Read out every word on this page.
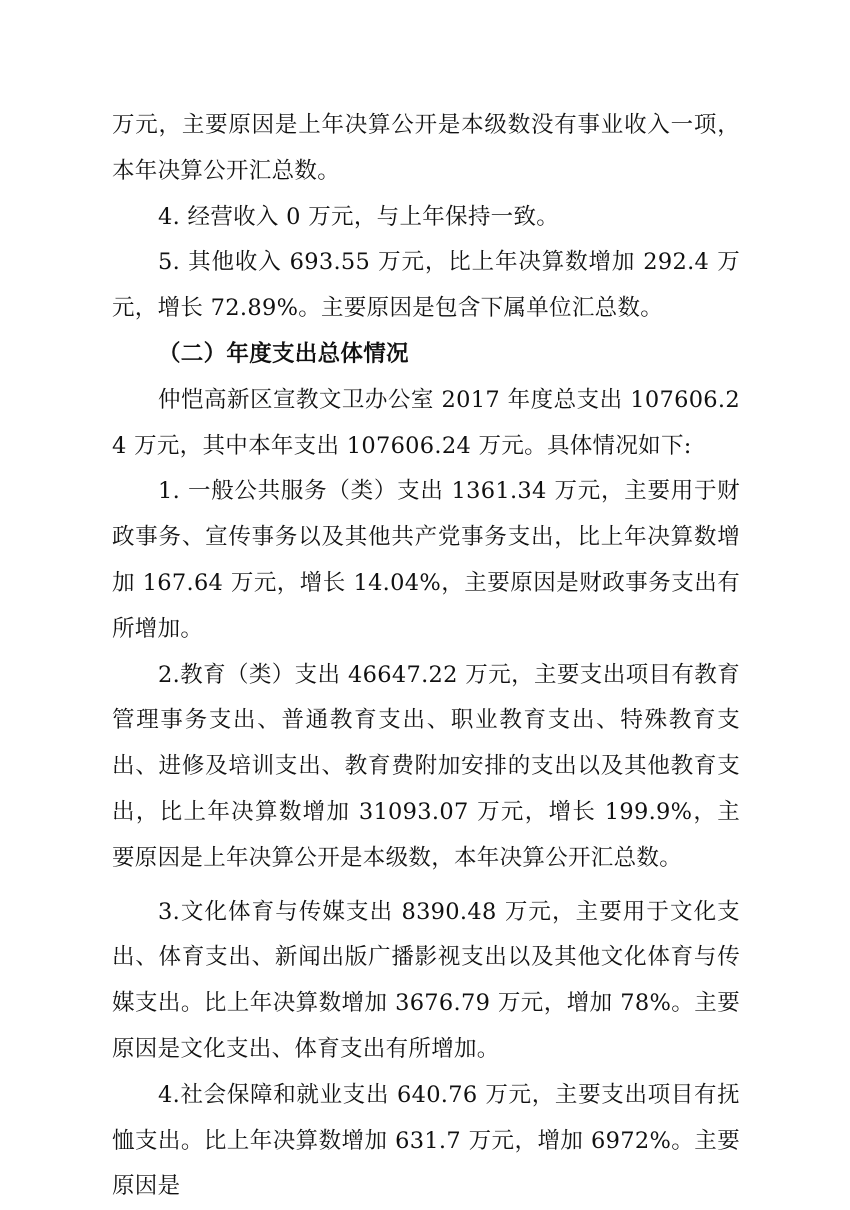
万元，主要原因是上年决算公开是本级数没有事业收入一项，本年决算公开汇总数。

4. 经营收入 0 万元，与上年保持一致。

5. 其他收入 693.55 万元，比上年决算数增加 292.4 万元，增长 72.89%。主要原因是包含下属单位汇总数。

（二）年度支出总体情况

仲恺高新区宣教文卫办公室 2017 年度总支出 107606.24 万元，其中本年支出 107606.24 万元。具体情况如下:

1. 一般公共服务（类）支出 1361.34 万元，主要用于财政事务、宣传事务以及其他共产党事务支出，比上年决算数增加 167.64 万元，增长 14.04%，主要原因是财政事务支出有所增加。

2.教育（类）支出 46647.22 万元，主要支出项目有教育管理事务支出、普通教育支出、职业教育支出、特殊教育支出、进修及培训支出、教育费附加安排的支出以及其他教育支出，比上年决算数增加 31093.07 万元，增长 199.9%，主要原因是上年决算公开是本级数，本年决算公开汇总数。

3.文化体育与传媒支出 8390.48 万元，主要用于文化支出、体育支出、新闻出版广播影视支出以及其他文化体育与传媒支出。比上年决算数增加 3676.79 万元，增加 78%。主要原因是文化支出、体育支出有所增加。

4.社会保障和就业支出 640.76 万元，主要支出项目有抚恤支出。比上年决算数增加 631.7 万元，增加 6972%。主要原因是
